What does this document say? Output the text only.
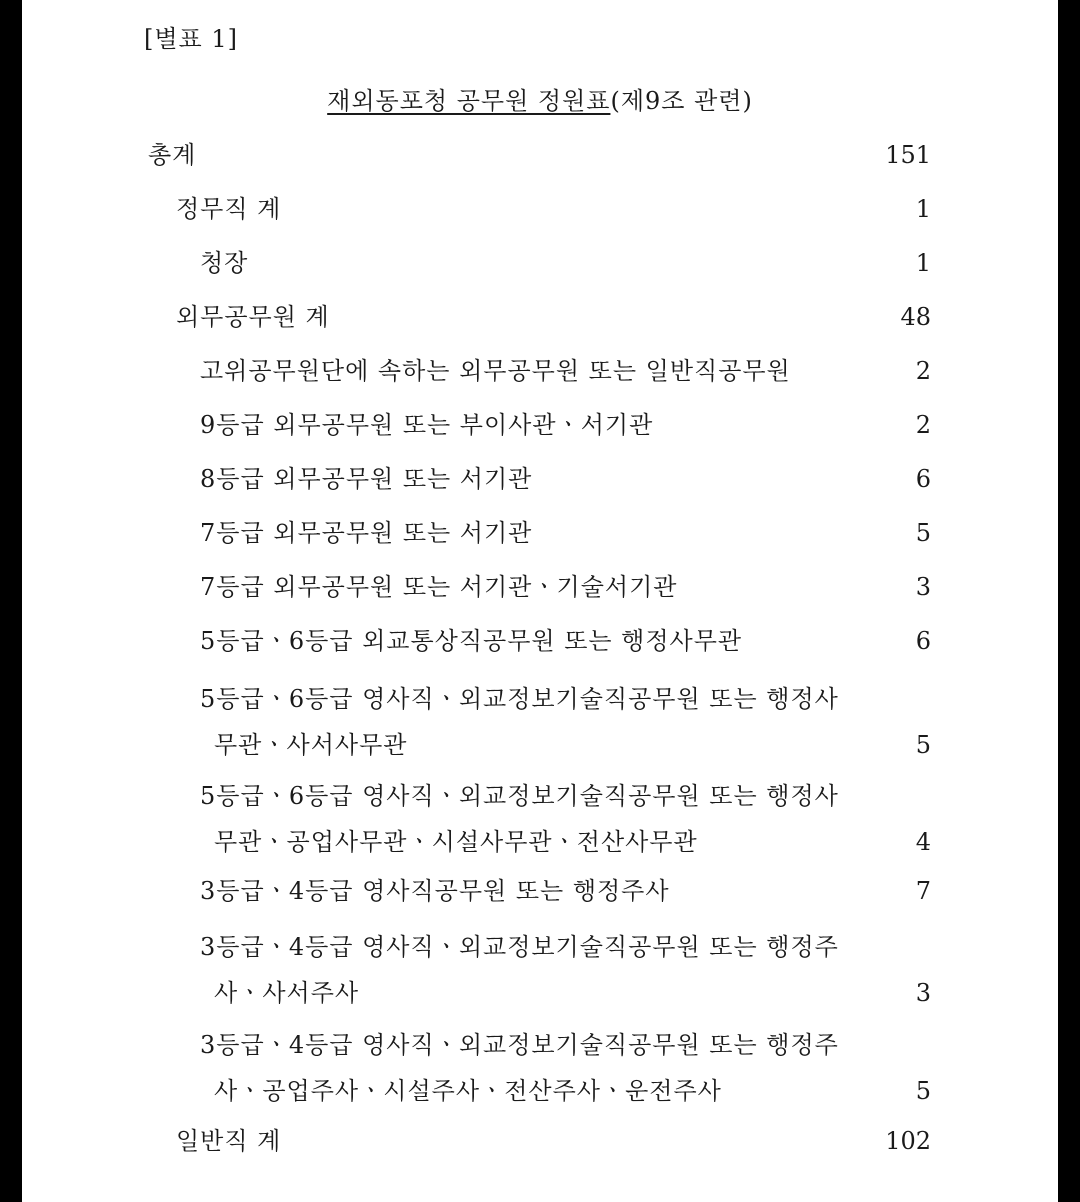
[별표 1]
재외동포청 공무원 정원표(제9조 관련)
총계	151
정무직 계	1
청장	1
외무공무원 계	48
고위공무원단에 속하는 외무공무원 또는 일반직공무원	2
9등급 외무공무원 또는 부이사관ㆍ서기관	2
8등급 외무공무원 또는 서기관	6
7등급 외무공무원 또는 서기관	5
7등급 외무공무원 또는 서기관ㆍ기술서기관	3
5등급ㆍ6등급 외교통상직공무원 또는 행정사무관	6
5등급ㆍ6등급 영사직ㆍ외교정보기술직공무원 또는 행정사
무관ㆍ사서사무관	5
5등급ㆍ6등급 영사직ㆍ외교정보기술직공무원 또는 행정사
무관ㆍ공업사무관ㆍ시설사무관ㆍ전산사무관	4
3등급ㆍ4등급 영사직공무원 또는 행정주사	7
3등급ㆍ4등급 영사직ㆍ외교정보기술직공무원 또는 행정주
사ㆍ사서주사	3
3등급ㆍ4등급 영사직ㆍ외교정보기술직공무원 또는 행정주
사ㆍ공업주사ㆍ시설주사ㆍ전산주사ㆍ운전주사	5
일반직 계	102
